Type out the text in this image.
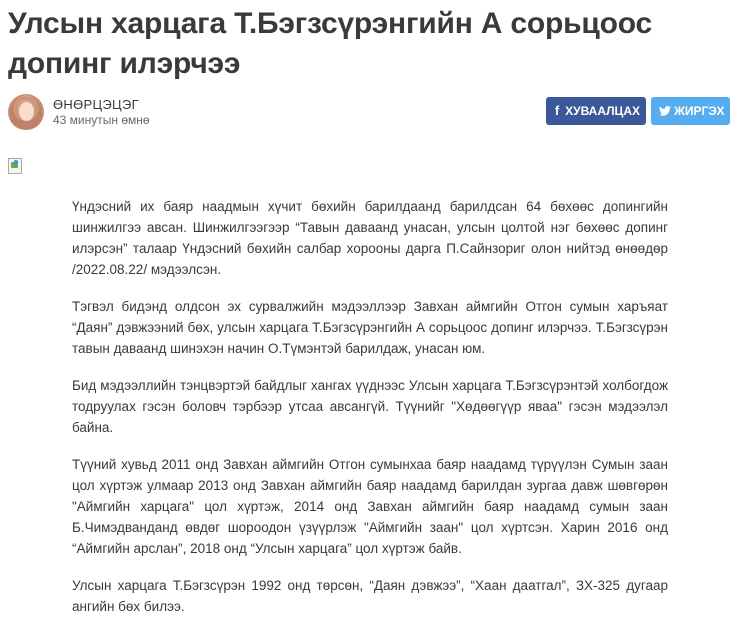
Улсын харцага Т.Бэгзсүрэнгийн А сорьцоос допинг илэрчээ
ӨНӨРЦЭЦЭГ
43 минутын өмнө
f ХУВААЛЦАХ	ЖИРГЭХ

Үндэсний их баяр наадмын хүчит бөхийн барилдаанд барилдсан 64 бөхөөс допингийн шинжилгээ авсан. Шинжилгээгээр “Тавын даваанд унасан, улсын цолтой нэг бөхөөс допинг илэрсэн” талаар Үндэсний бөхийн салбар хорооны дарга П.Сайнзориг олон нийтэд өнөөдөр /2022.08.22/ мэдээлсэн.

Тэгвэл бидэнд олдсон эх сурвалжийн мэдээллээр Завхан аймгийн Отгон сумын харъяат “Даян” дэвжээний бөх, улсын харцага Т.Бэгзсүрэнгийн А сорьцоос допинг илэрчээ. Т.Бэгзсүрэн тавын даваанд шинэхэн начин О.Түмэнтэй барилдаж, унасан юм.

Бид мэдээллийн тэнцвэртэй байдлыг хангах үүднээс Улсын харцага Т.Бэгзсүрэнтэй холбогдож тодруулах гэсэн боловч тэрбээр утсаа авсангүй. Түүнийг "Хөдөөгүүр яваа" гэсэн мэдээлэл байна.

Түүний хувьд 2011 онд Завхан аймгийн Отгон сумынхаа баяр наадамд түрүүлэн Сумын заан цол хүртэж улмаар 2013 онд Завхан аймгийн баяр наадамд барилдан зургаа давж шөвгөрөн "Аймгийн харцага" цол хүртэж, 2014 онд Завхан аймгийн баяр наадамд сумын заан Б.Чимэдванданд өвдөг шороодон үзүүрлэж "Аймгийн заан" цол хүртсэн. Харин 2016 онд “Аймгийн арслан”, 2018 онд “Улсын харцага” цол хүртэж байв.

Улсын харцага Т.Бэгзсүрэн 1992 онд төрсөн, “Даян дэвжээ”, “Хаан даатгал”, ЗХ-325 дугаар ангийн бөх билээ.
